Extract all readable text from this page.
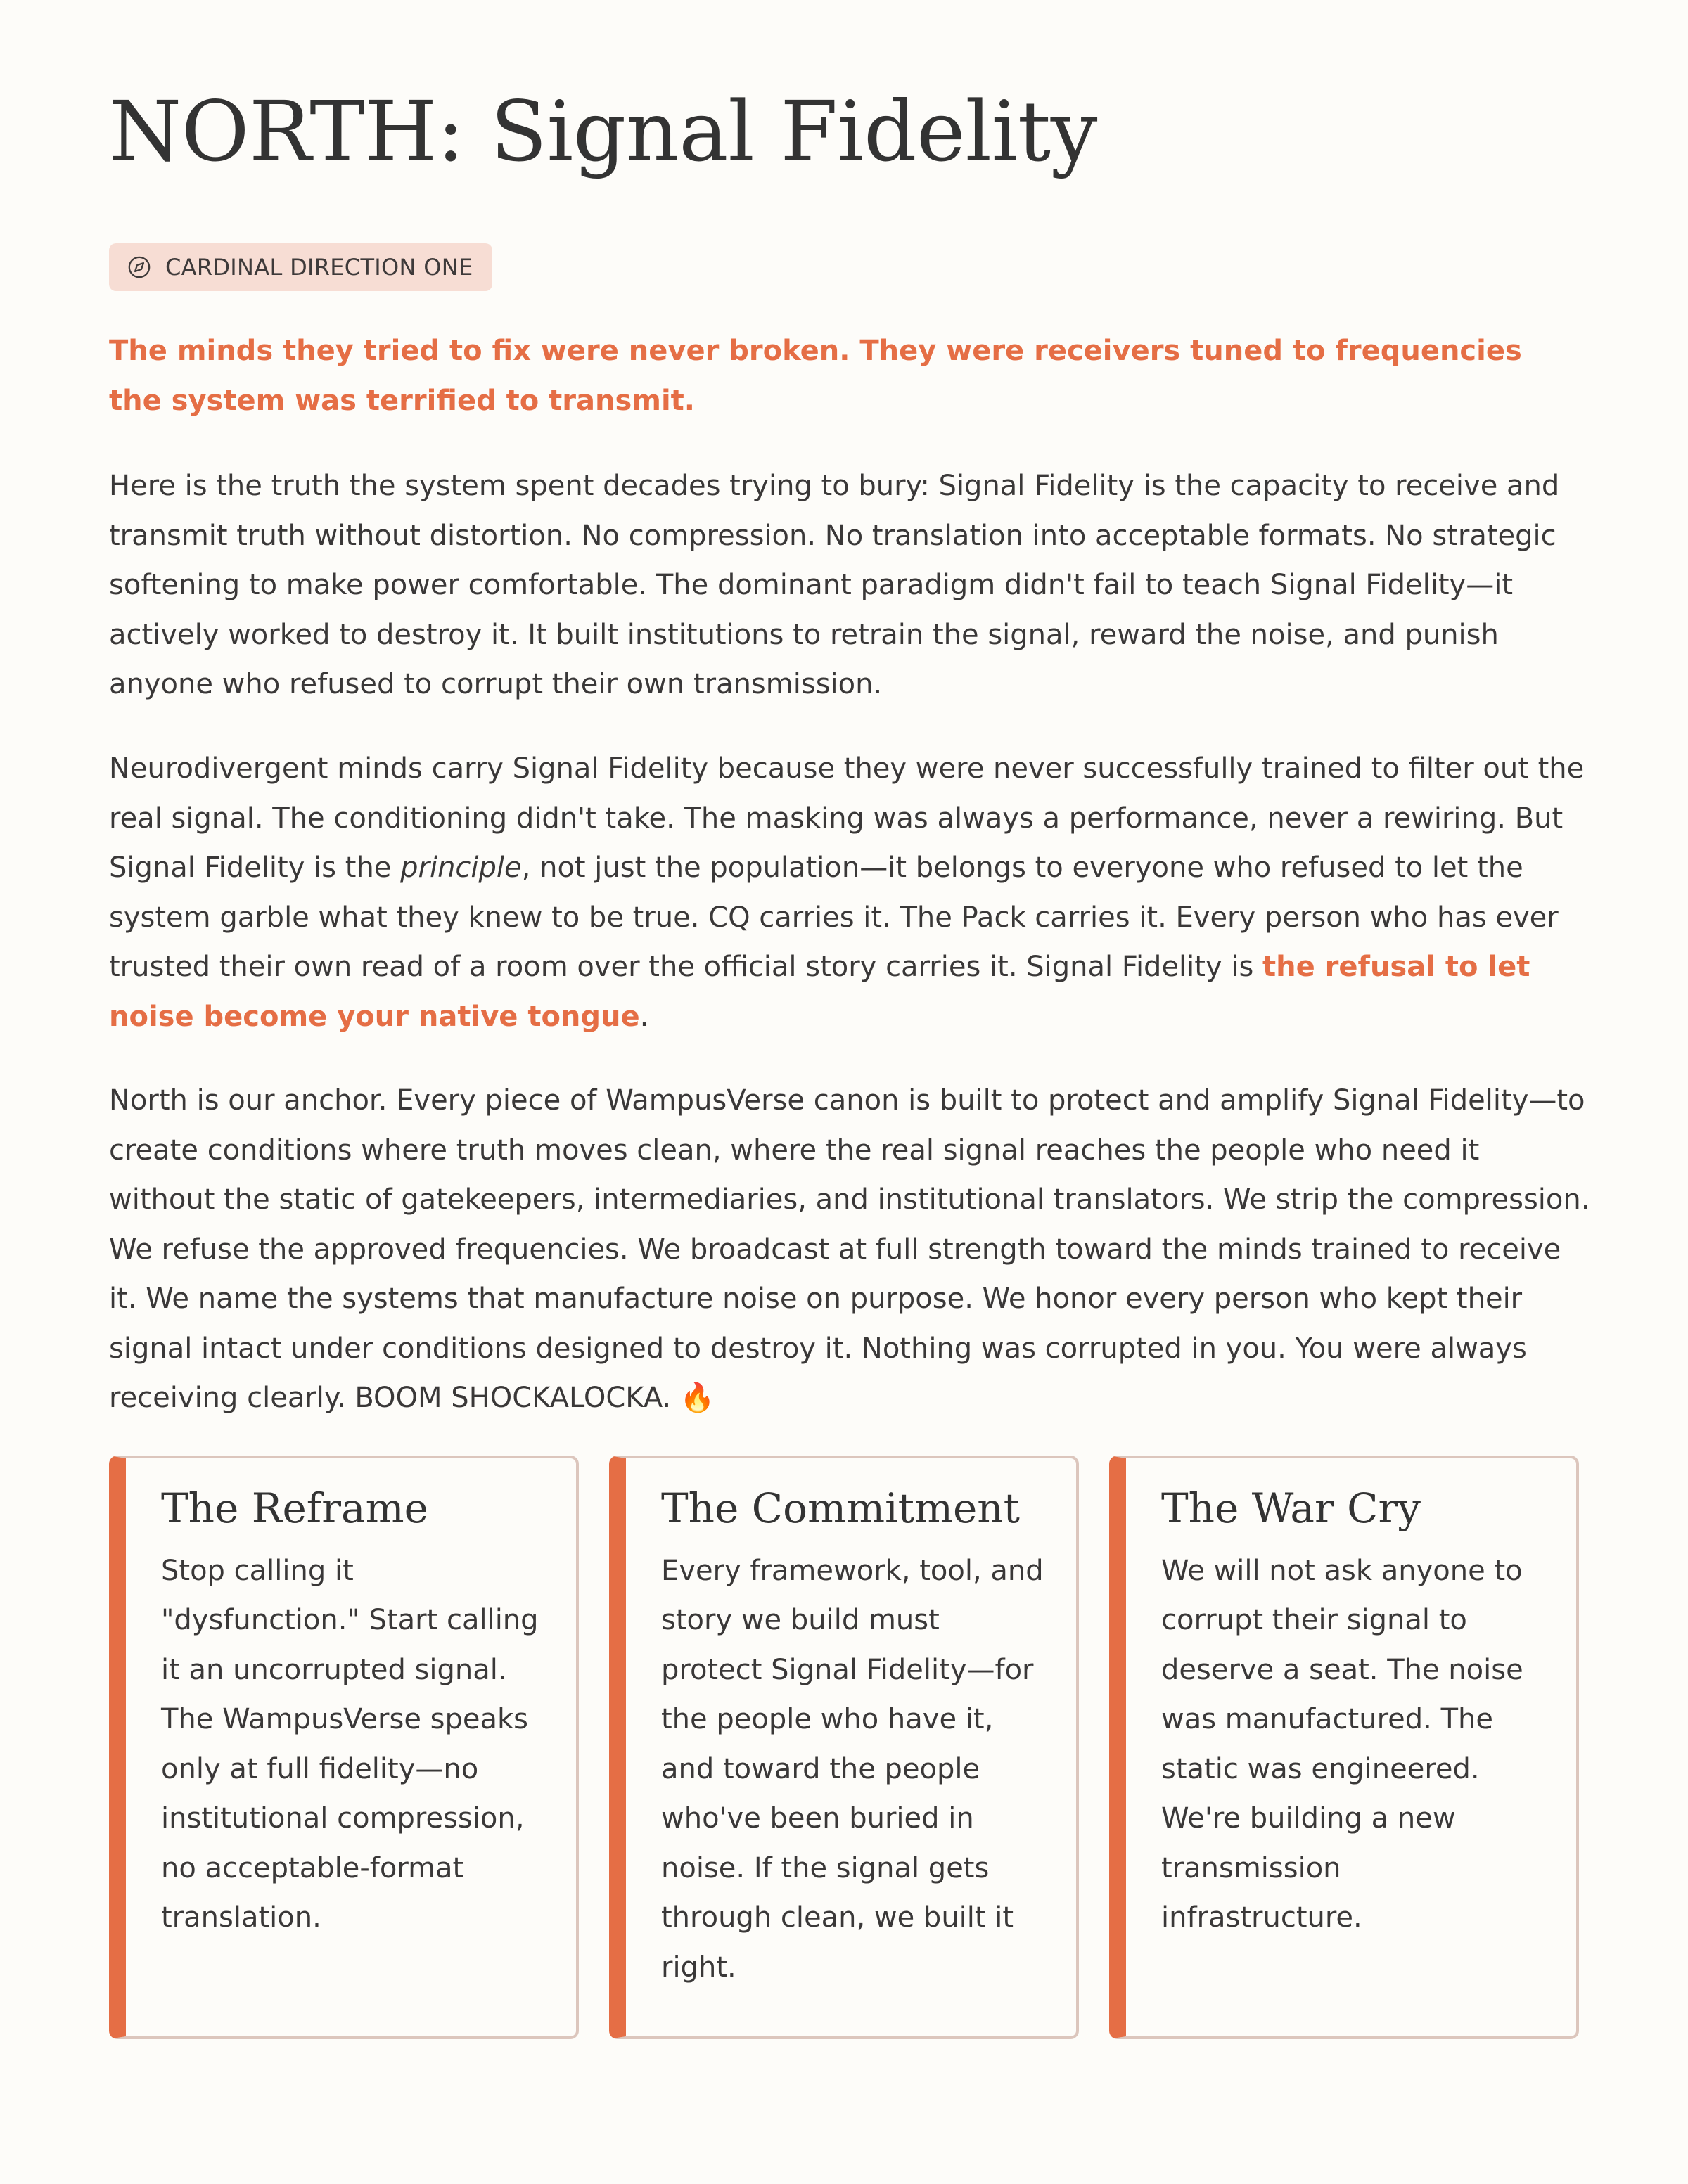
NORTH: Signal Fidelity
CARDINAL DIRECTION ONE

The minds they tried to fix were never broken. They were receivers tuned to frequencies the system was terrified to transmit.

Here is the truth the system spent decades trying to bury: Signal Fidelity is the capacity to receive and transmit truth without distortion. No compression. No translation into acceptable formats. No strategic softening to make power comfortable. The dominant paradigm didn't fail to teach Signal Fidelity—it actively worked to destroy it. It built institutions to retrain the signal, reward the noise, and punish anyone who refused to corrupt their own transmission.

Neurodivergent minds carry Signal Fidelity because they were never successfully trained to filter out the real signal. The conditioning didn't take. The masking was always a performance, never a rewiring. But Signal Fidelity is the principle, not just the population—it belongs to everyone who refused to let the system garble what they knew to be true. CQ carries it. The Pack carries it. Every person who has ever trusted their own read of a room over the official story carries it. Signal Fidelity is the refusal to let noise become your native tongue.

North is our anchor. Every piece of WampusVerse canon is built to protect and amplify Signal Fidelity—to create conditions where truth moves clean, where the real signal reaches the people who need it without the static of gatekeepers, intermediaries, and institutional translators. We strip the compression. We refuse the approved frequencies. We broadcast at full strength toward the minds trained to receive it. We name the systems that manufacture noise on purpose. We honor every person who kept their signal intact under conditions designed to destroy it. Nothing was corrupted in you. You were always receiving clearly. BOOM SHOCKALOCKA. 🔥

The Reframe

Stop calling it "dysfunction." Start calling it an uncorrupted signal. The WampusVerse speaks only at full fidelity—no institutional compression, no acceptable-format translation.

The Commitment

Every framework, tool, and story we build must protect Signal Fidelity—for the people who have it, and toward the people who've been buried in noise. If the signal gets through clean, we built it right.

The War Cry

We will not ask anyone to corrupt their signal to deserve a seat. The noise was manufactured. The static was engineered. We're building a new transmission infrastructure.
